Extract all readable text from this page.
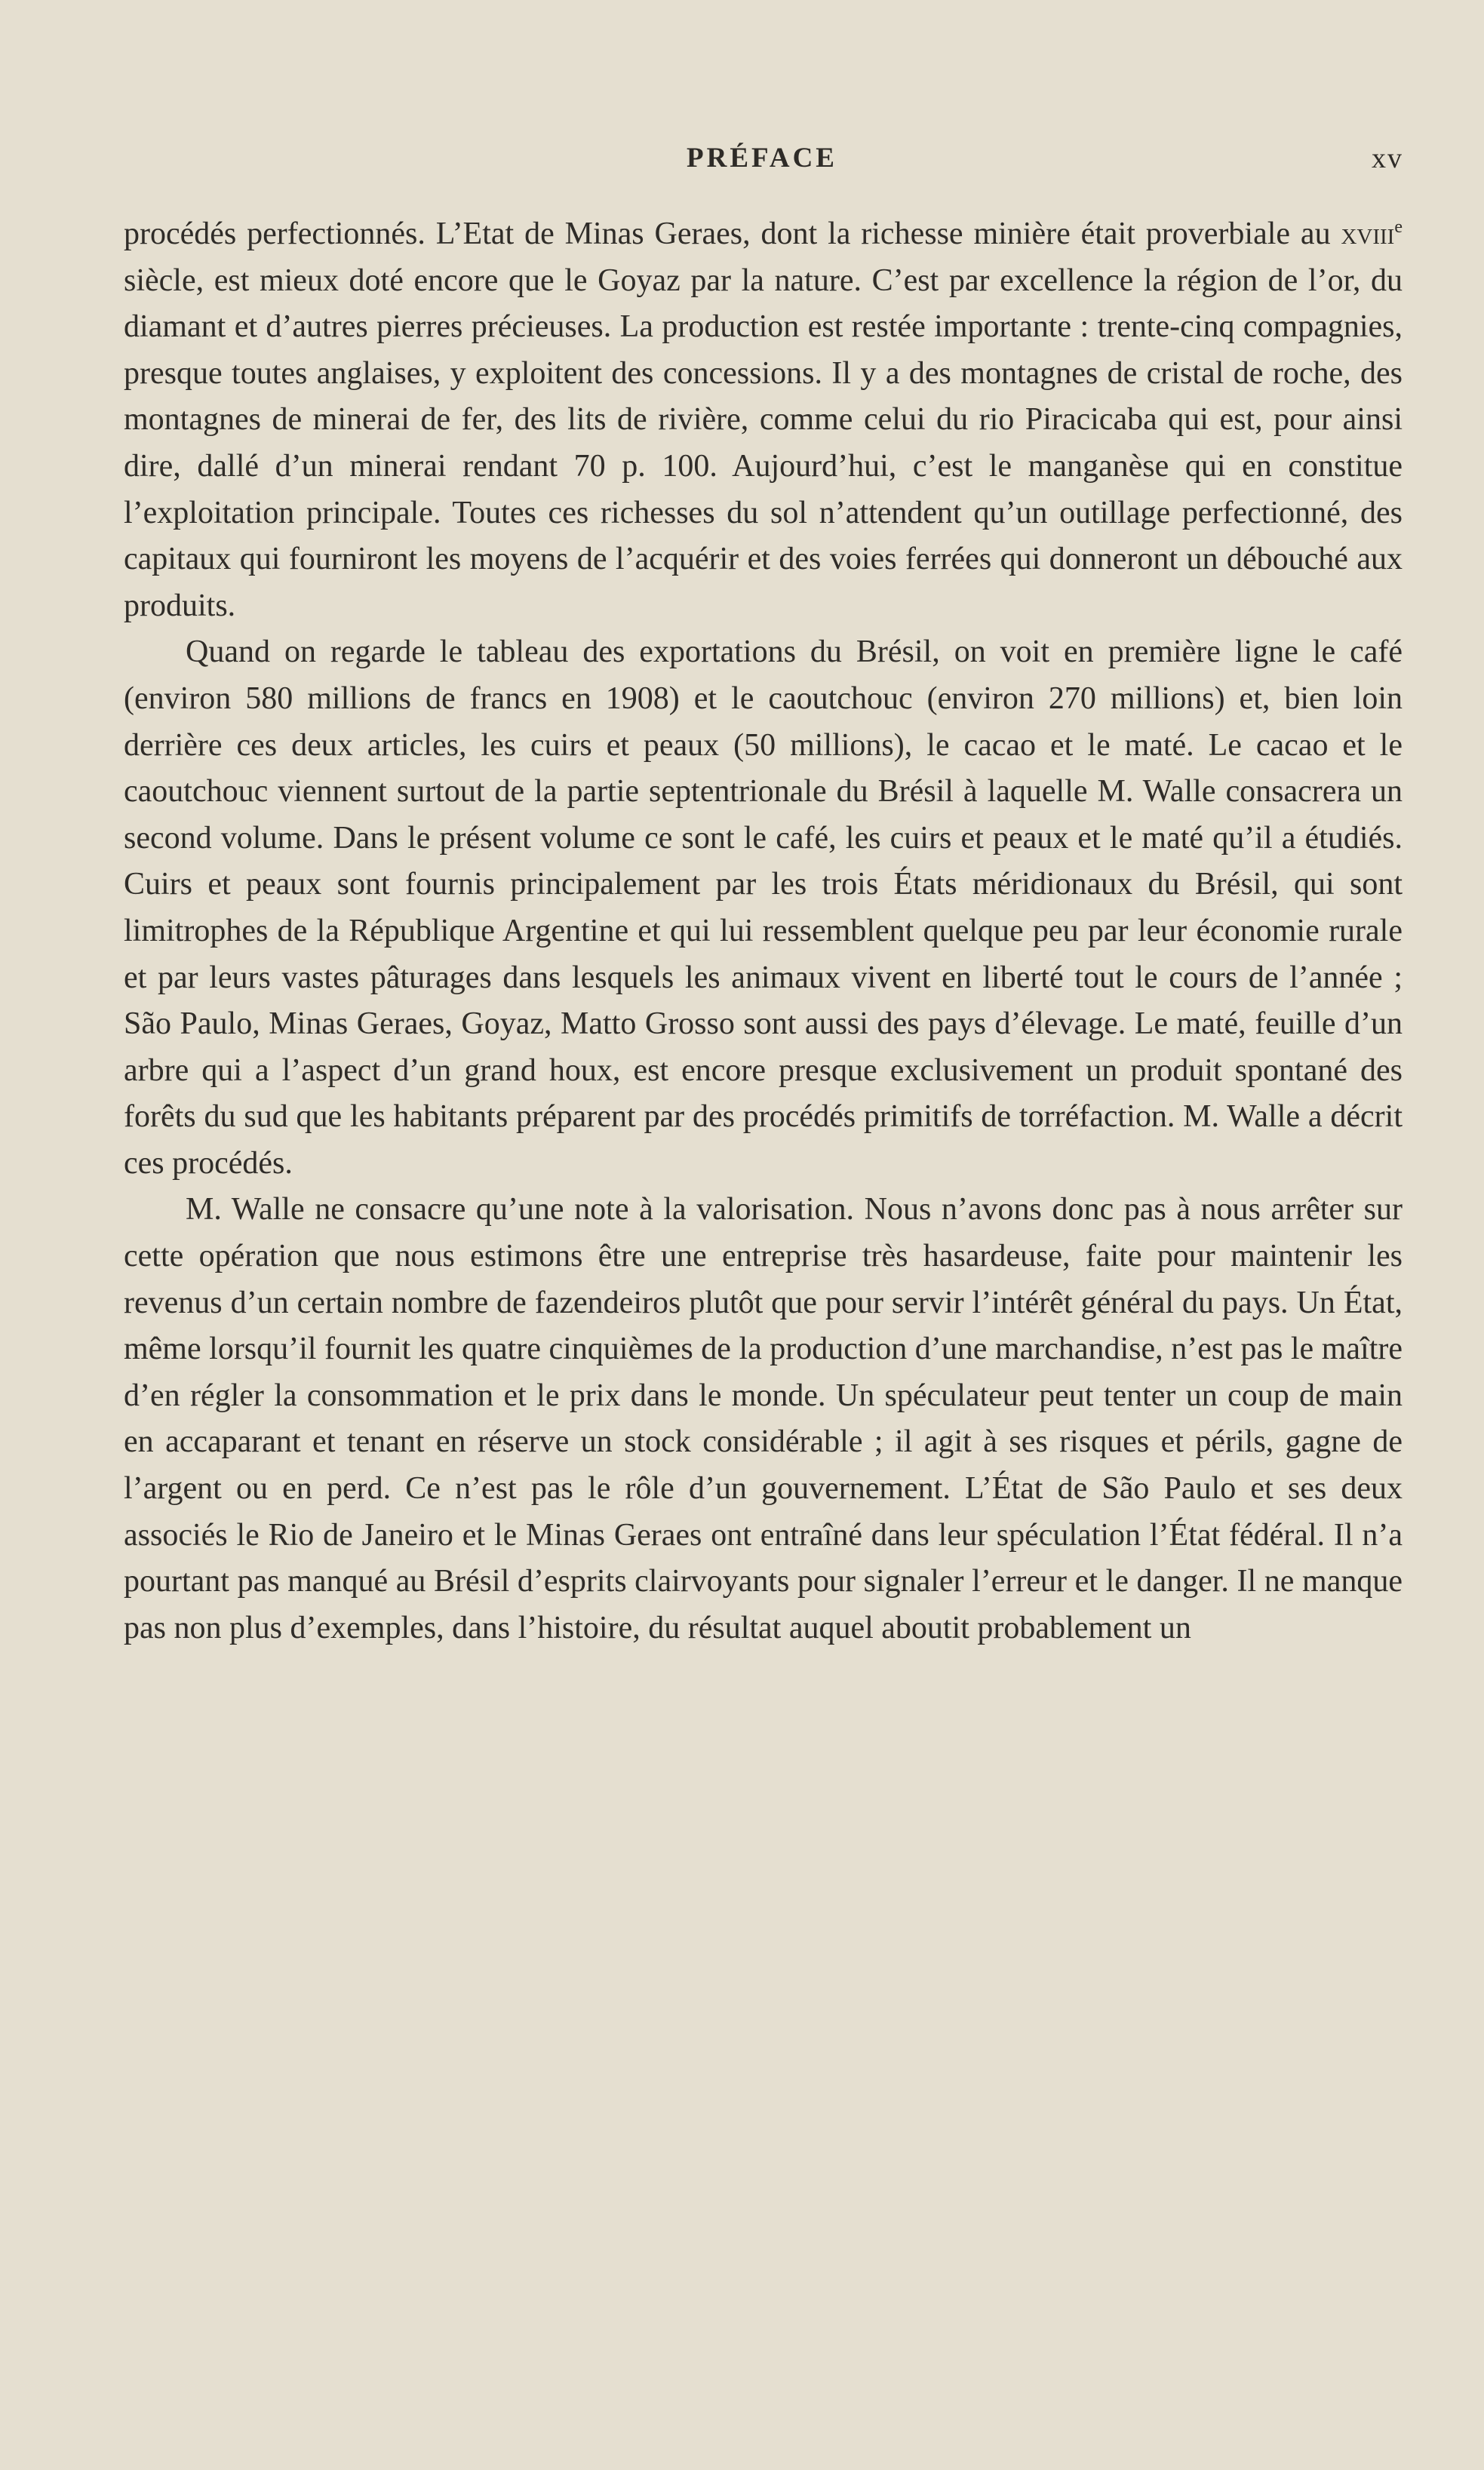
PRÉFACE	xv

procédés perfectionnés. L’Etat de Minas Geraes, dont la richesse minière était proverbiale au xviii$^e$ siècle, est mieux doté encore que le Goyaz par la nature. C’est par excellence la région de l’or, du diamant et d’autres pierres précieuses. La production est restée importante : trente-cinq compagnies, presque toutes anglaises, y exploitent des concessions. Il y a des montagnes de cristal de roche, des montagnes de minerai de fer, des lits de rivière, comme celui du rio Piracicaba qui est, pour ainsi dire, dallé d’un minerai rendant 70 p. 100. Aujourd’hui, c’est le manganèse qui en constitue l’exploitation principale. Toutes ces richesses du sol n’attendent qu’un outillage perfectionné, des capitaux qui fourniront les moyens de l’acquérir et des voies ferrées qui donneront un débouché aux produits.

Quand on regarde le tableau des exportations du Brésil, on voit en première ligne le café (environ 580 millions de francs en 1908) et le caoutchouc (environ 270 millions) et, bien loin derrière ces deux articles, les cuirs et peaux (50 millions), le cacao et le maté. Le cacao et le caoutchouc viennent surtout de la partie septentrionale du Brésil à laquelle M. Walle consacrera un second volume. Dans le présent volume ce sont le café, les cuirs et peaux et le maté qu’il a étudiés. Cuirs et peaux sont fournis principalement par les trois États méridionaux du Brésil, qui sont limitrophes de la République Argentine et qui lui ressemblent quelque peu par leur économie rurale et par leurs vastes pâturages dans lesquels les animaux vivent en liberté tout le cours de l’année ; São Paulo, Minas Geraes, Goyaz, Matto Grosso sont aussi des pays d’élevage. Le maté, feuille d’un arbre qui a l’aspect d’un grand houx, est encore presque exclusivement un produit spontané des forêts du sud que les habitants préparent par des procédés primitifs de torréfaction. M. Walle a décrit ces procédés.

M. Walle ne consacre qu’une note à la valorisation. Nous n’avons donc pas à nous arrêter sur cette opération que nous estimons être une entreprise très hasardeuse, faite pour maintenir les revenus d’un certain nombre de fazendeiros plutôt que pour servir l’intérêt général du pays. Un État, même lorsqu’il fournit les quatre cinquièmes de la production d’une marchandise, n’est pas le maître d’en régler la consommation et le prix dans le monde. Un spéculateur peut tenter un coup de main en accaparant et tenant en réserve un stock considérable ; il agit à ses risques et périls, gagne de l’argent ou en perd. Ce n’est pas le rôle d’un gouvernement. L’État de São Paulo et ses deux associés le Rio de Janeiro et le Minas Geraes ont entraîné dans leur spéculation l’État fédéral. Il n’a pourtant pas manqué au Brésil d’esprits clairvoyants pour signaler l’erreur et le danger. Il ne manque pas non plus d’exemples, dans l’histoire, du résultat auquel aboutit probablement un
